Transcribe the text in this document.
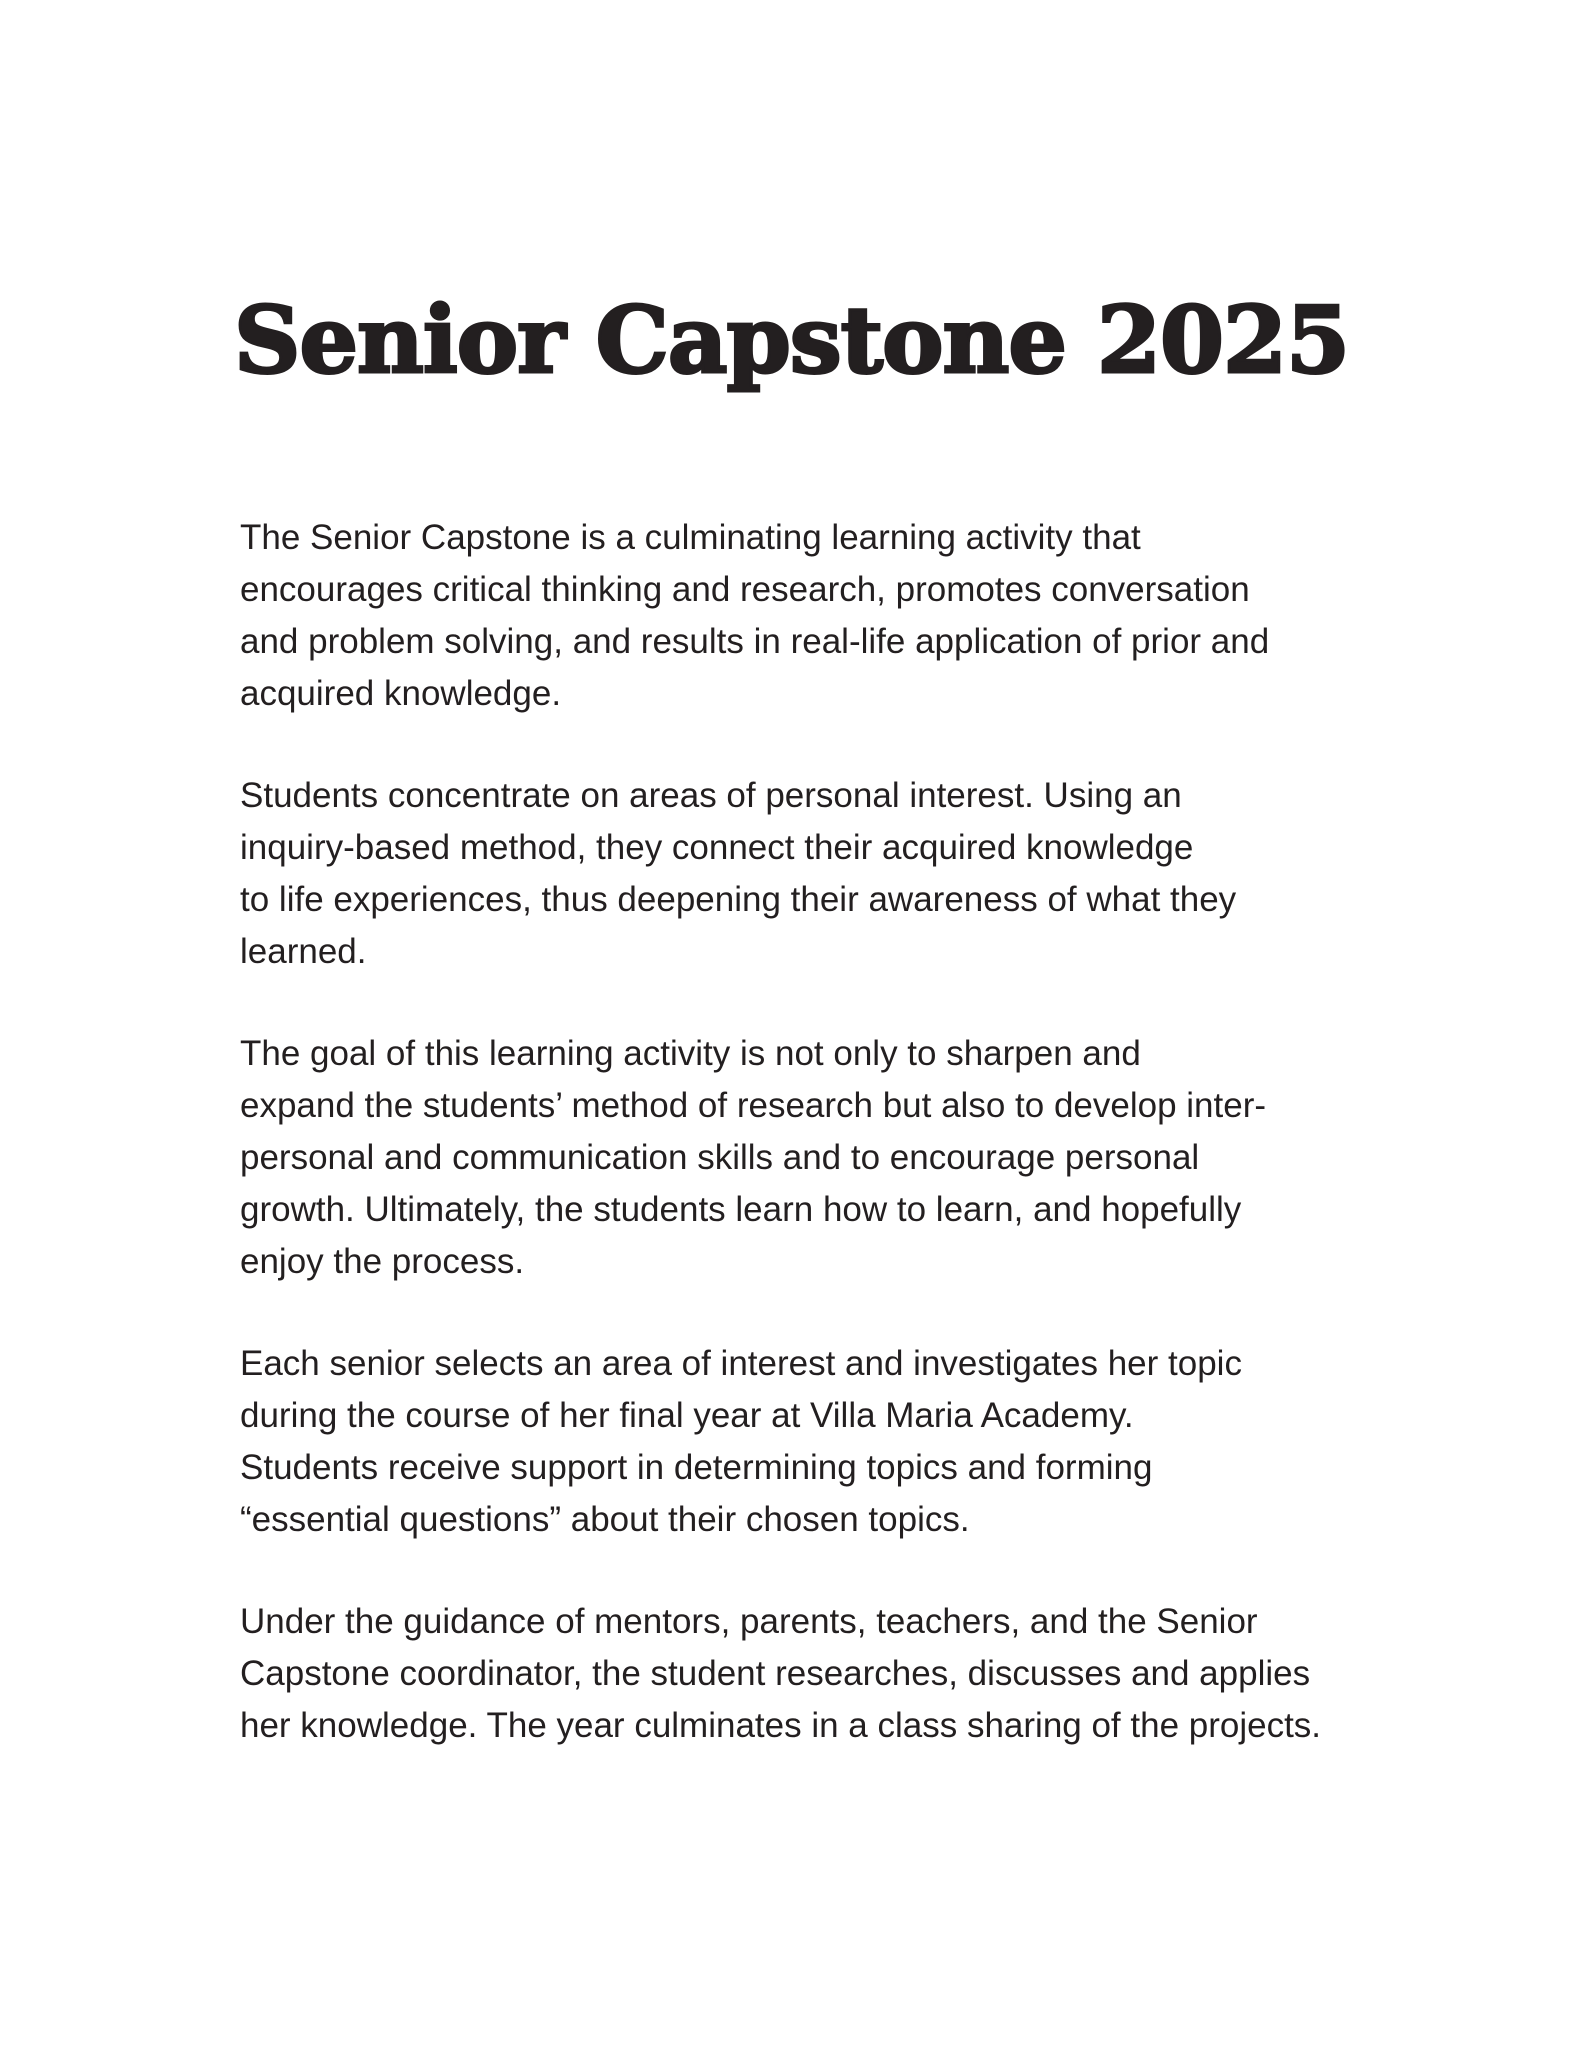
Senior Capstone 2025

The Senior Capstone is a culminating learning activity that
encourages critical thinking and research, promotes conversation
and problem solving, and results in real-life application of prior and
acquired knowledge.

Students concentrate on areas of personal interest. Using an
inquiry-based method, they connect their acquired knowledge
to life experiences, thus deepening their awareness of what they
learned.

The goal of this learning activity is not only to sharpen and
expand the students’ method of research but also to develop inter-
personal and communication skills and to encourage personal
growth. Ultimately, the students learn how to learn, and hopefully
enjoy the process.

Each senior selects an area of interest and investigates her topic
during the course of her final year at Villa Maria Academy.
Students receive support in determining topics and forming
“essential questions” about their chosen topics.

Under the guidance of mentors, parents, teachers, and the Senior
Capstone coordinator, the student researches, discusses and applies
her knowledge. The year culminates in a class sharing of the projects.
